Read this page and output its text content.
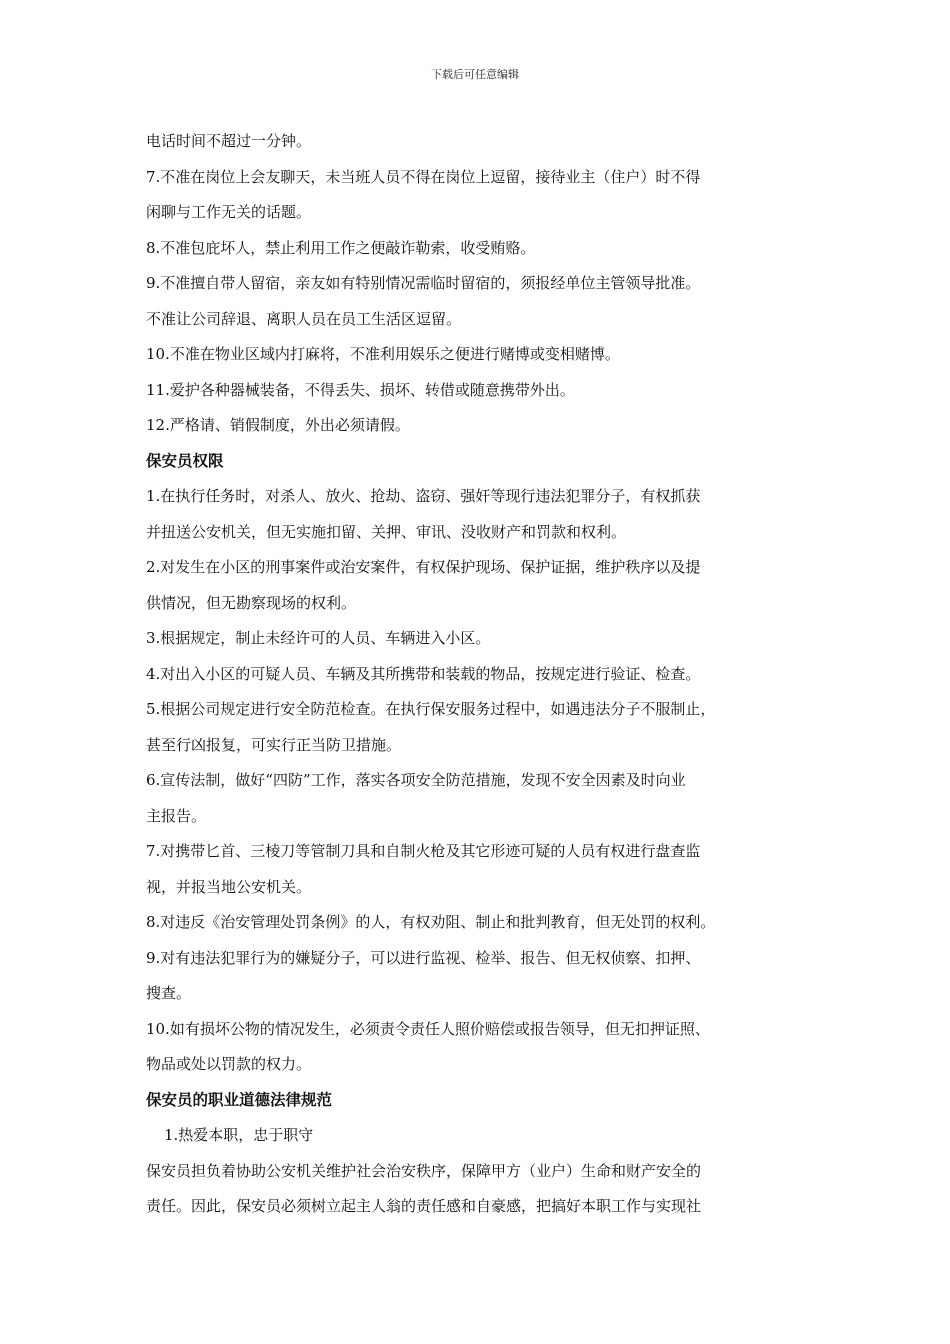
下载后可任意编辑
电话时间不超过一分钟。
7.不准在岗位上会友聊天，未当班人员不得在岗位上逗留，接待业主（住户）时不得
闲聊与工作无关的话题。
8.不准包庇坏人，禁止利用工作之便敲诈勒索，收受贿赂。
9.不准擅自带人留宿，亲友如有特别情况需临时留宿的，须报经单位主管领导批准。
不准让公司辞退、离职人员在员工生活区逗留。
10.不准在物业区域内打麻将，不准利用娱乐之便进行赌博或变相赌博。
11.爱护各种器械装备，不得丢失、损坏、转借或随意携带外出。
12.严格请、销假制度，外出必须请假。
保安员权限
1.在执行任务时，对杀人、放火、抢劫、盗窃、强奸等现行违法犯罪分子，有权抓获
并扭送公安机关，但无实施扣留、关押、审讯、没收财产和罚款和权利。
2.对发生在小区的刑事案件或治安案件，有权保护现场、保护证据，维护秩序以及提
供情况，但无勘察现场的权利。
3.根据规定，制止未经许可的人员、车辆进入小区。
4.对出入小区的可疑人员、车辆及其所携带和装载的物品，按规定进行验证、检查。
5.根据公司规定进行安全防范检查。在执行保安服务过程中，如遇违法分子不服制止，
甚至行凶报复，可实行正当防卫措施。
6.宣传法制，做好“四防”工作，落实各项安全防范措施，发现不安全因素及时向业
主报告。
7.对携带匕首、三棱刀等管制刀具和自制火枪及其它形迹可疑的人员有权进行盘查监
视，并报当地公安机关。
8.对违反《治安管理处罚条例》的人，有权劝阻、制止和批判教育，但无处罚的权利。
9.对有违法犯罪行为的嫌疑分子，可以进行监视、检举、报告、但无权侦察、扣押、
搜查。
10.如有损坏公物的情况发生，必须责令责任人照价赔偿或报告领导，但无扣押证照、
物品或处以罚款的权力。
保安员的职业道德法律规范
1.热爱本职，忠于职守
保安员担负着协助公安机关维护社会治安秩序，保障甲方（业户）生命和财产安全的
责任。因此，保安员必须树立起主人翁的责任感和自豪感，把搞好本职工作与实现社
